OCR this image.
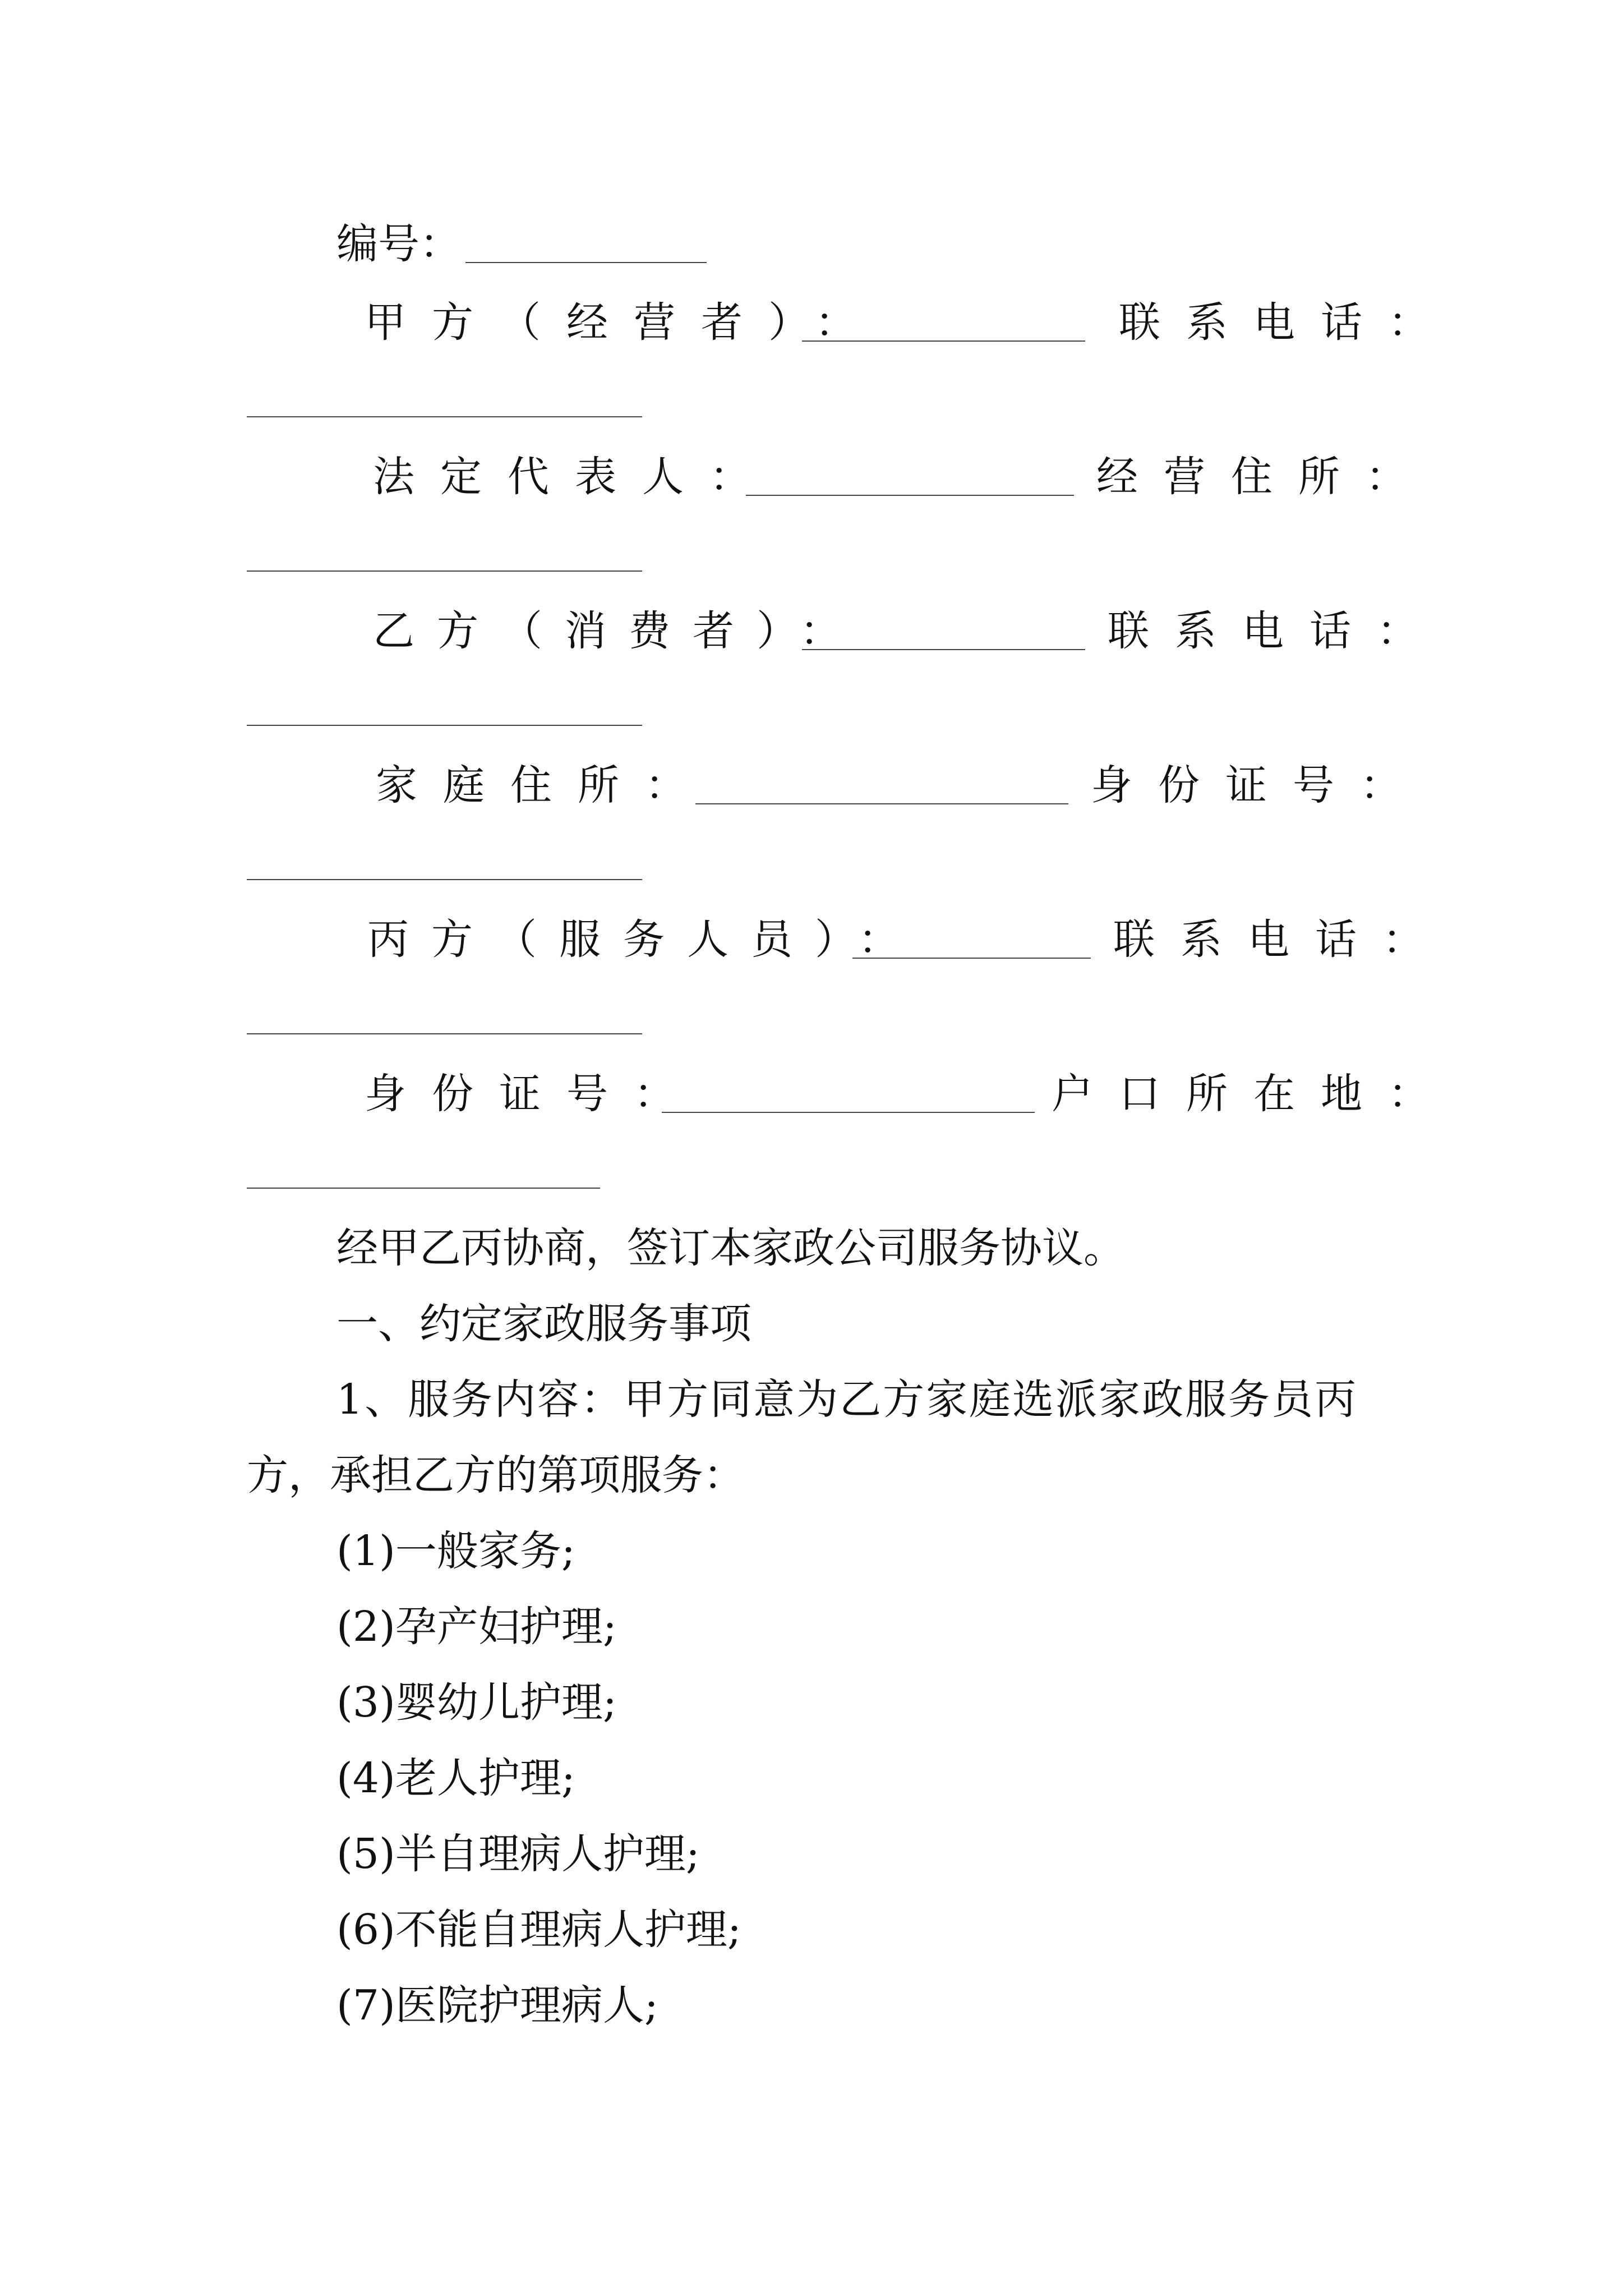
编号：
甲方（经营者）：	联系电话：
法定代表人：	经营住所：
乙方（消费者）：	联系电话：
家庭住所：	身份证号：
丙方（服务人员）：	联系电话：
身份证号：	户口所在地：
经甲乙丙协商，签订本家政公司服务协议。
一、约定家政服务事项
1、服务内容：甲方同意为乙方家庭选派家政服务员丙
方，承担乙方的第项服务：
(1)一般家务;
(2)孕产妇护理;
(3)婴幼儿护理;
(4)老人护理;
(5)半自理病人护理;
(6)不能自理病人护理;
(7)医院护理病人;
